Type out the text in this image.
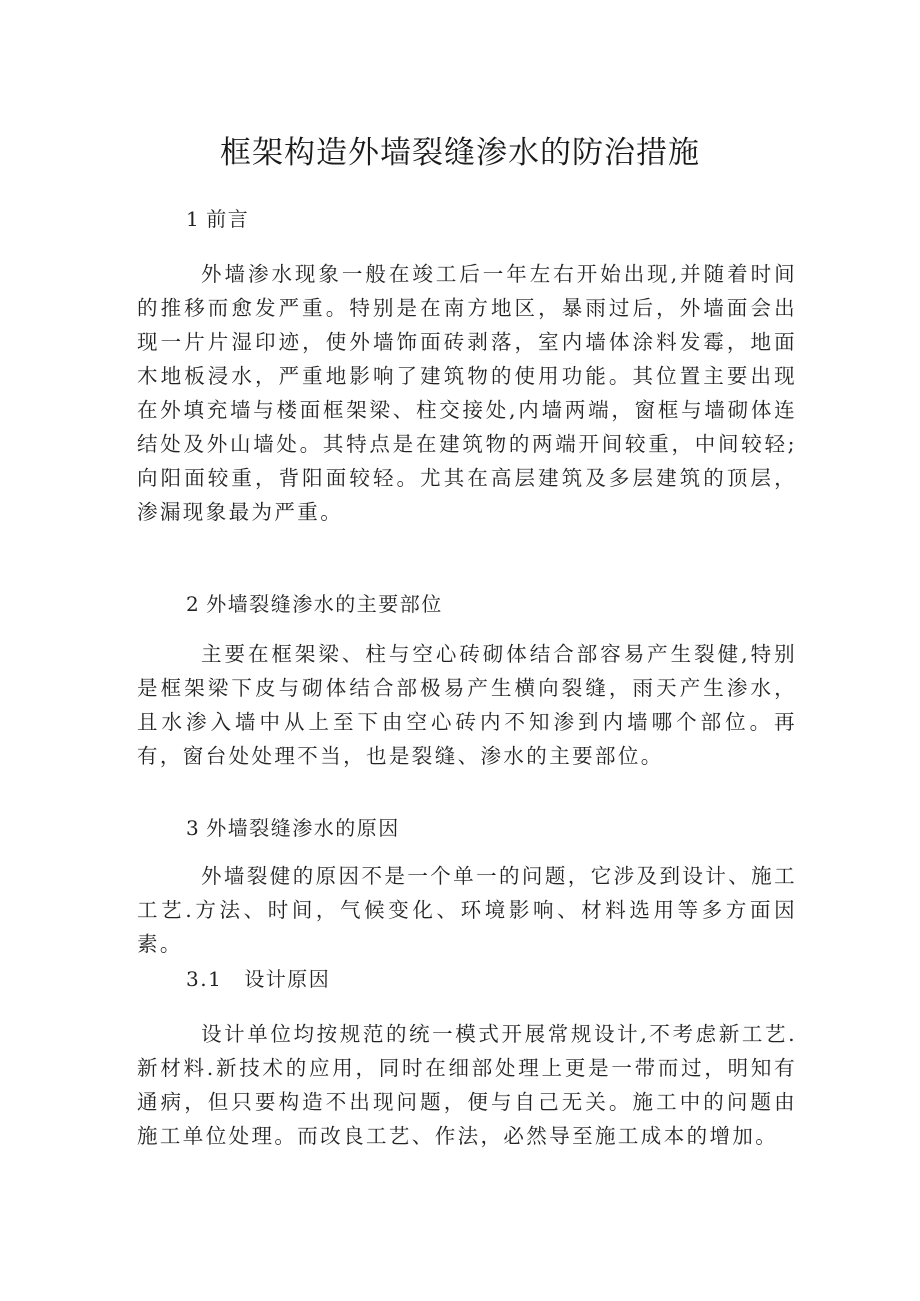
框架构造外墙裂缝渗水的防治措施

1 前言

外墙渗水现象一般在竣工后一年左右开始出现,并随着时间的推移而愈发严重。特别是在南方地区，暴雨过后，外墙面会出现一片片湿印迹，使外墙饰面砖剥落，室内墙体涂料发霉，地面木地板浸水，严重地影响了建筑物的使用功能。其位置主要出现在外填充墙与楼面框架梁、柱交接处,内墙两端，窗框与墙砌体连结处及外山墙处。其特点是在建筑物的两端开间较重，中间较轻;向阳面较重，背阳面较轻。尤其在高层建筑及多层建筑的顶层，渗漏现象最为严重。

2 外墙裂缝渗水的主要部位

主要在框架梁、柱与空心砖砌体结合部容易产生裂健,特别是框架梁下皮与砌体结合部极易产生横向裂缝，雨天产生渗水，且水渗入墙中从上至下由空心砖内不知渗到内墙哪个部位。再有，窗台处处理不当，也是裂缝、渗水的主要部位。

3 外墙裂缝渗水的原因

外墙裂健的原因不是一个单一的问题，它涉及到设计、施工工艺.方法、时间，气候变化、环境影响、材料选用等多方面因素。

3.1 设计原因

设计单位均按规范的统一模式开展常规设计,不考虑新工艺.新材料.新技术的应用，同时在细部处理上更是一带而过，明知有通病，但只要构造不出现问题，便与自己无关。施工中的问题由施工单位处理。而改良工艺、作法，必然导至施工成本的增加。
